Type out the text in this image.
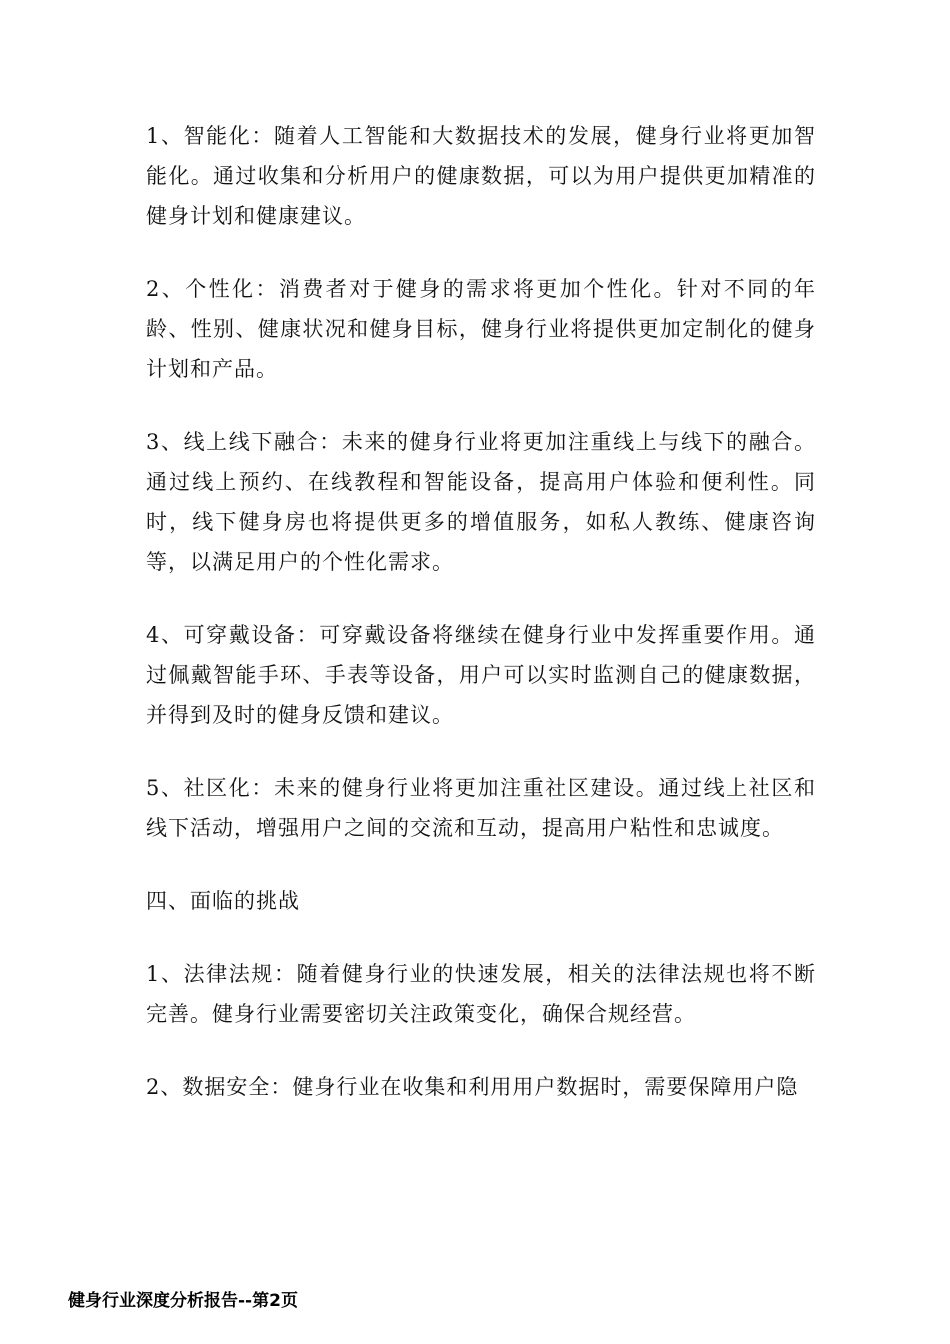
1、智能化：随着人工智能和大数据技术的发展，健身行业将更加智能化。通过收集和分析用户的健康数据，可以为用户提供更加精准的健身计划和健康建议。

2、个性化：消费者对于健身的需求将更加个性化。针对不同的年龄、性别、健康状况和健身目标，健身行业将提供更加定制化的健身计划和产品。

3、线上线下融合：未来的健身行业将更加注重线上与线下的融合。通过线上预约、在线教程和智能设备，提高用户体验和便利性。同时，线下健身房也将提供更多的增值服务，如私人教练、健康咨询等，以满足用户的个性化需求。

4、可穿戴设备：可穿戴设备将继续在健身行业中发挥重要作用。通过佩戴智能手环、手表等设备，用户可以实时监测自己的健康数据，并得到及时的健身反馈和建议。

5、社区化：未来的健身行业将更加注重社区建设。通过线上社区和线下活动，增强用户之间的交流和互动，提高用户粘性和忠诚度。

四、面临的挑战

1、法律法规：随着健身行业的快速发展，相关的法律法规也将不断完善。健身行业需要密切关注政策变化，确保合规经营。

2、数据安全：健身行业在收集和利用用户数据时，需要保障用户隐

健身行业深度分析报告--第2页
